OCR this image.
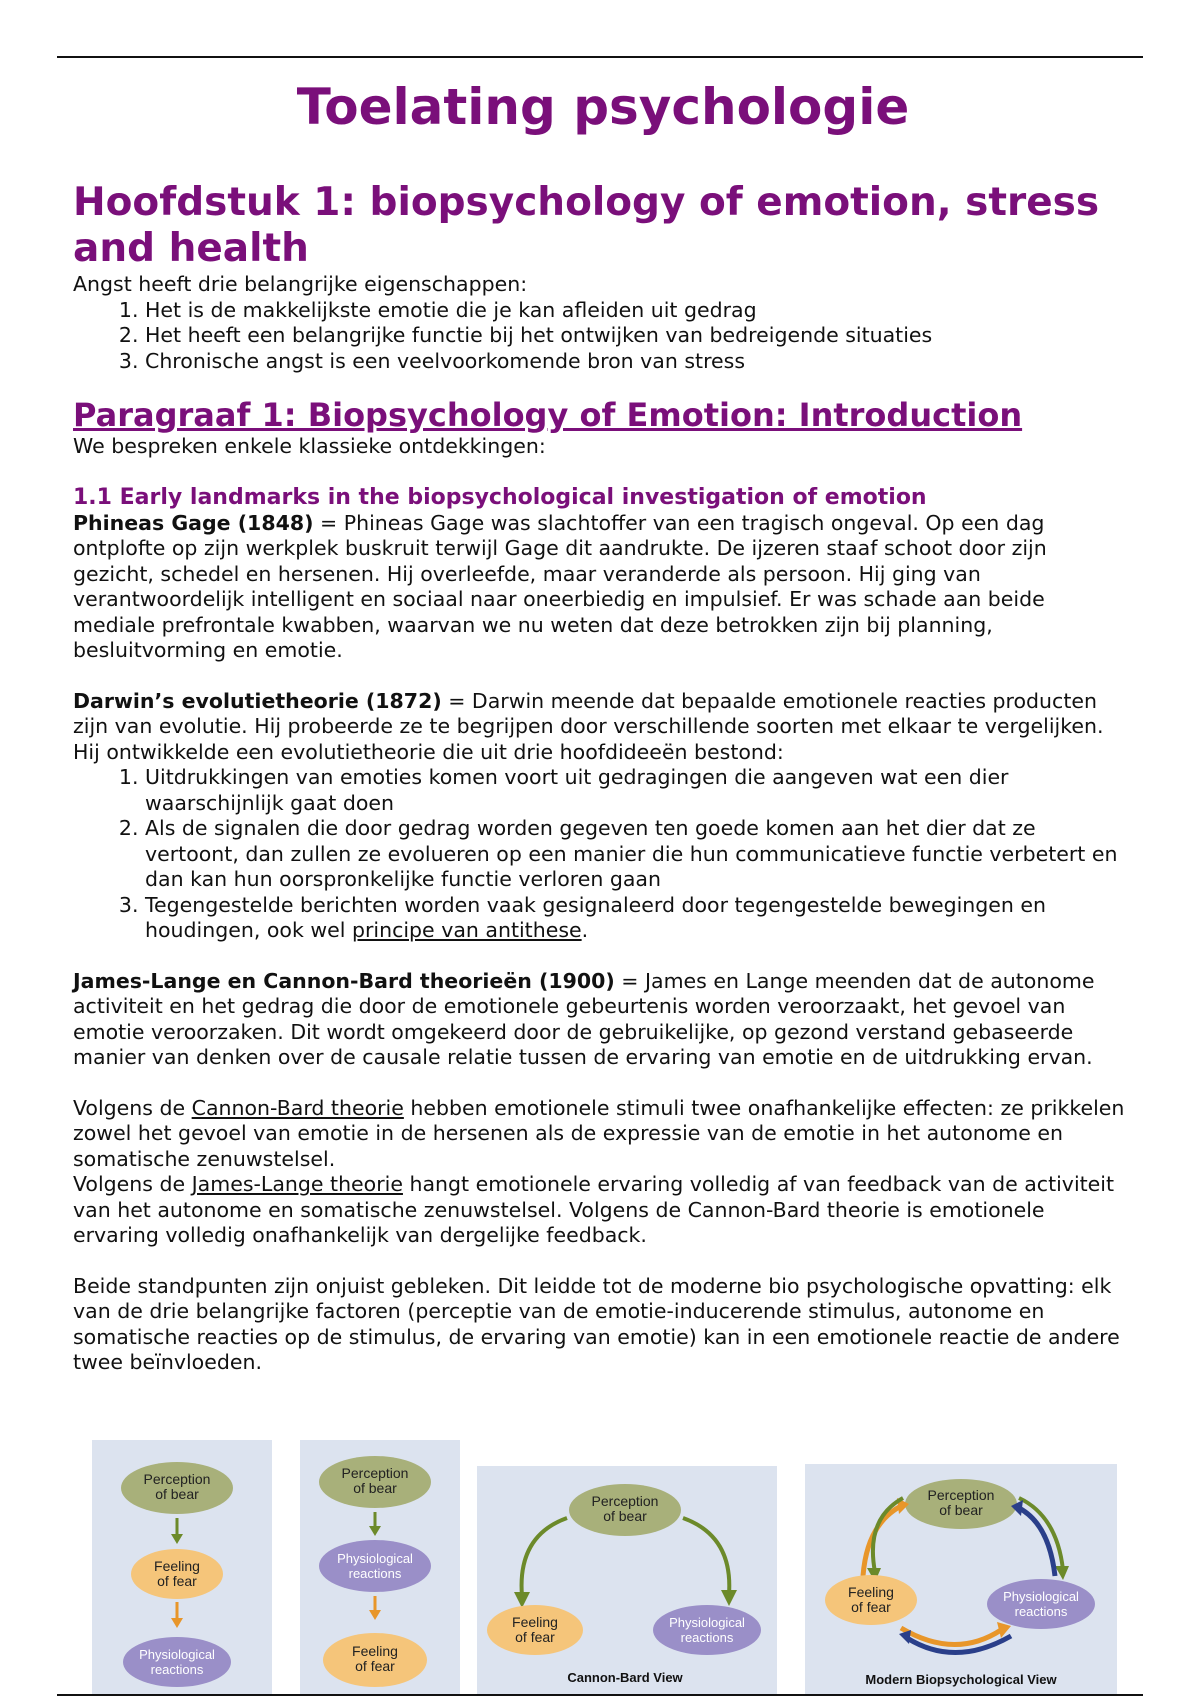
Toelating psychologie
Hoofdstuk 1: biopsychology of emotion, stress and health

Angst heeft drie belangrijke eigenschappen:

1. Het is de makkelijkste emotie die je kan afleiden uit gedrag
2. Het heeft een belangrijke functie bij het ontwijken van bedreigende situaties
3. Chronische angst is een veelvoorkomende bron van stress
Paragraaf 1: Biopsychology of Emotion: Introduction

We bespreken enkele klassieke ontdekkingen:

1.1 Early landmarks in the biopsychological investigation of emotion

Phineas Gage (1848) = Phineas Gage was slachtoffer van een tragisch ongeval. Op een dag ontplofte op zijn werkplek buskruit terwijl Gage dit aandrukte. De ijzeren staaf schoot door zijn gezicht, schedel en hersenen. Hij overleefde, maar veranderde als persoon. Hij ging van verantwoordelijk intelligent en sociaal naar oneerbiedig en impulsief. Er was schade aan beide mediale prefrontale kwabben, waarvan we nu weten dat deze betrokken zijn bij planning, besluitvorming en emotie.

Darwin’s evolutietheorie (1872) = Darwin meende dat bepaalde emotionele reacties producten zijn van evolutie. Hij probeerde ze te begrijpen door verschillende soorten met elkaar te vergelijken. Hij ontwikkelde een evolutietheorie die uit drie hoofdideeën bestond:

1. Uitdrukkingen van emoties komen voort uit gedragingen die aangeven wat een dier waarschijnlijk gaat doen
2. Als de signalen die door gedrag worden gegeven ten goede komen aan het dier dat ze vertoont, dan zullen ze evolueren op een manier die hun communicatieve functie verbetert en dan kan hun oorspronkelijke functie verloren gaan
3. Tegengestelde berichten worden vaak gesignaleerd door tegengestelde bewegingen en houdingen, ook wel principe van antithese.

James-Lange en Cannon-Bard theorieën (1900) = James en Lange meenden dat de autonome activiteit en het gedrag die door de emotionele gebeurtenis worden veroorzaakt, het gevoel van emotie veroorzaken. Dit wordt omgekeerd door de gebruikelijke, op gezond verstand gebaseerde manier van denken over de causale relatie tussen de ervaring van emotie en de uitdrukking ervan.

Volgens de Cannon-Bard theorie hebben emotionele stimuli twee onafhankelijke effecten: ze prikkelen zowel het gevoel van emotie in de hersenen als de expressie van de emotie in het autonome en somatische zenuwstelsel.

Volgens de James-Lange theorie hangt emotionele ervaring volledig af van feedback van de activiteit van het autonome en somatische zenuwstelsel. Volgens de Cannon-Bard theorie is emotionele ervaring volledig onafhankelijk van dergelijke feedback.

Beide standpunten zijn onjuist gebleken. Dit leidde tot de moderne bio psychologische opvatting: elk van de drie belangrijke factoren (perceptie van de emotie-inducerende stimulus, autonome en somatische reacties op de stimulus, de ervaring van emotie) kan in een emotionele reactie de andere twee beïnvloeden.

Perception
of bear
Feeling
of fear
Physiological
reactions
Perception
of bear
Physiological
reactions
Feeling
of fear
Perception
of bear
Feeling
of fear
Physiological
reactions
Cannon-Bard View
Perception
of bear
Feeling
of fear
Physiological
reactions
Modern Biopsychological View
